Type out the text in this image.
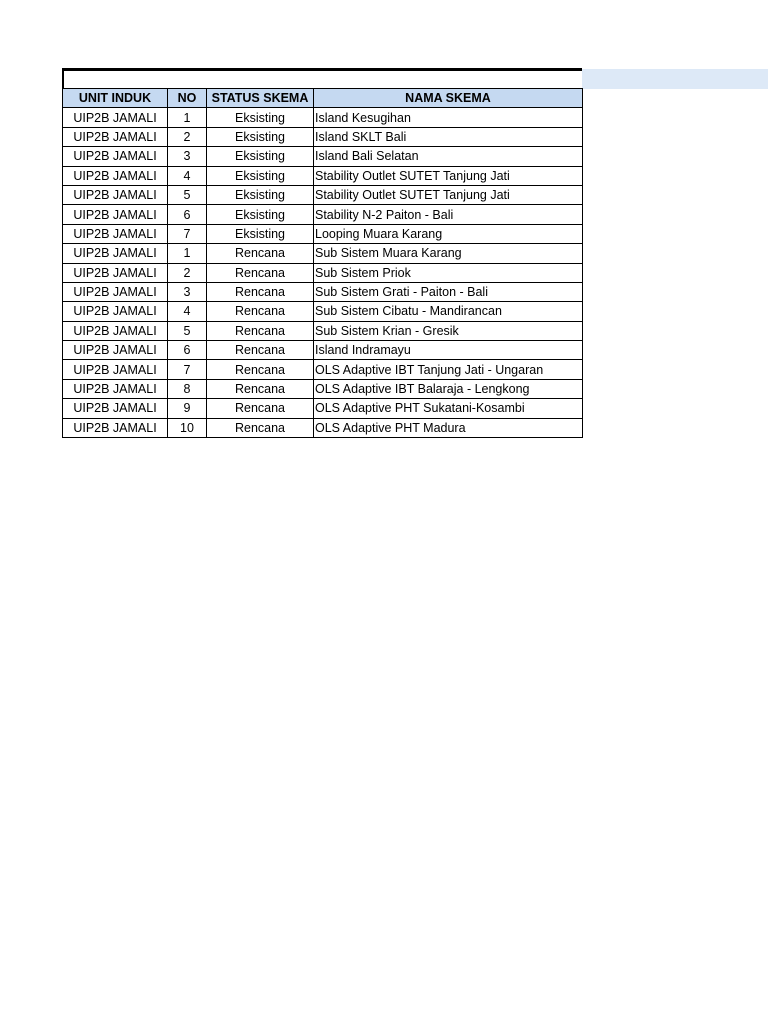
UNIT INDUK	NO	STATUS SKEMA	NAMA SKEMA
UIP2B JAMALI	1	Eksisting	Island Kesugihan
UIP2B JAMALI	2	Eksisting	Island SKLT Bali
UIP2B JAMALI	3	Eksisting	Island Bali Selatan
UIP2B JAMALI	4	Eksisting	Stability Outlet SUTET Tanjung Jati
UIP2B JAMALI	5	Eksisting	Stability Outlet SUTET Tanjung Jati
UIP2B JAMALI	6	Eksisting	Stability N-2 Paiton - Bali
UIP2B JAMALI	7	Eksisting	Looping Muara Karang
UIP2B JAMALI	1	Rencana	Sub Sistem Muara Karang
UIP2B JAMALI	2	Rencana	Sub Sistem Priok
UIP2B JAMALI	3	Rencana	Sub Sistem Grati - Paiton - Bali
UIP2B JAMALI	4	Rencana	Sub Sistem Cibatu - Mandirancan
UIP2B JAMALI	5	Rencana	Sub Sistem Krian - Gresik
UIP2B JAMALI	6	Rencana	Island Indramayu
UIP2B JAMALI	7	Rencana	OLS Adaptive IBT Tanjung Jati - Ungaran
UIP2B JAMALI	8	Rencana	OLS Adaptive IBT Balaraja - Lengkong
UIP2B JAMALI	9	Rencana	OLS Adaptive PHT Sukatani-Kosambi
UIP2B JAMALI	10	Rencana	OLS Adaptive PHT Madura
